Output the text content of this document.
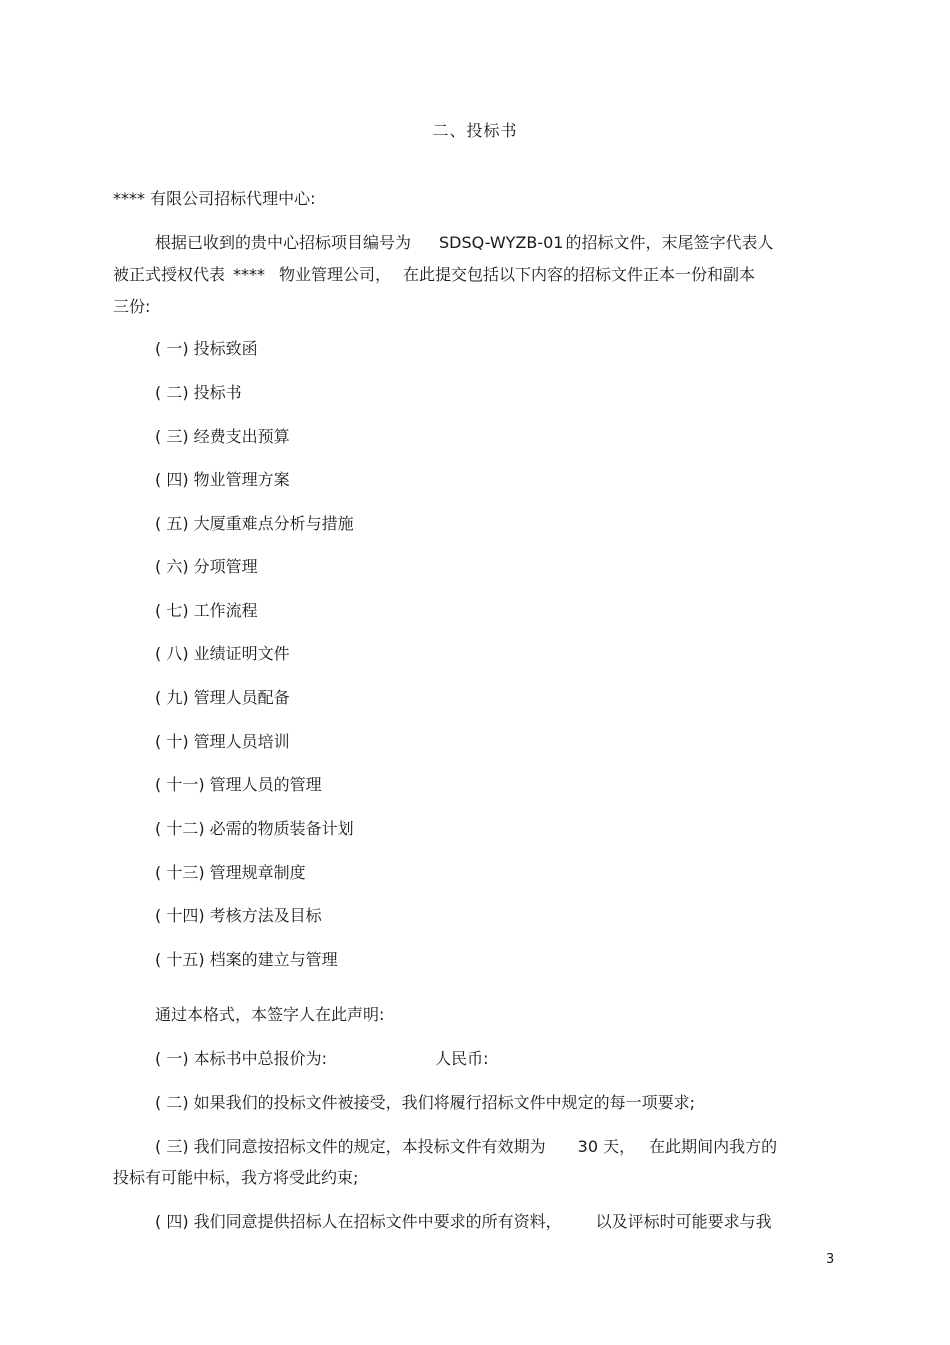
二、投标书
**** 有限公司招标代理中心:
根据已收到的贵中心招标项目编号为 SDSQ-WYZB-01 的招标文件，末尾签字代表人
被正式授权代表 **** 物业管理公司， 在此提交包括以下内容的招标文件正本一份和副本
三份:
( 一) 投标致函
( 二) 投标书
( 三) 经费支出预算
( 四) 物业管理方案
( 五) 大厦重难点分析与措施
( 六) 分项管理
( 七) 工作流程
( 八) 业绩证明文件
( 九) 管理人员配备
( 十) 管理人员培训
( 十一) 管理人员的管理
( 十二) 必需的物质装备计划
( 十三) 管理规章制度
( 十四) 考核方法及目标
( 十五) 档案的建立与管理
通过本格式，本签字人在此声明:
( 一) 本标书中总报价为:	人民币:
( 二) 如果我们的投标文件被接受，我们将履行招标文件中规定的每一项要求;
( 三) 我们同意按招标文件的规定，本投标文件有效期为 30 天， 在此期间内我方的
投标有可能中标，我方将受此约束;
( 四) 我们同意提供招标人在招标文件中要求的所有资料， 以及评标时可能要求与我
3
